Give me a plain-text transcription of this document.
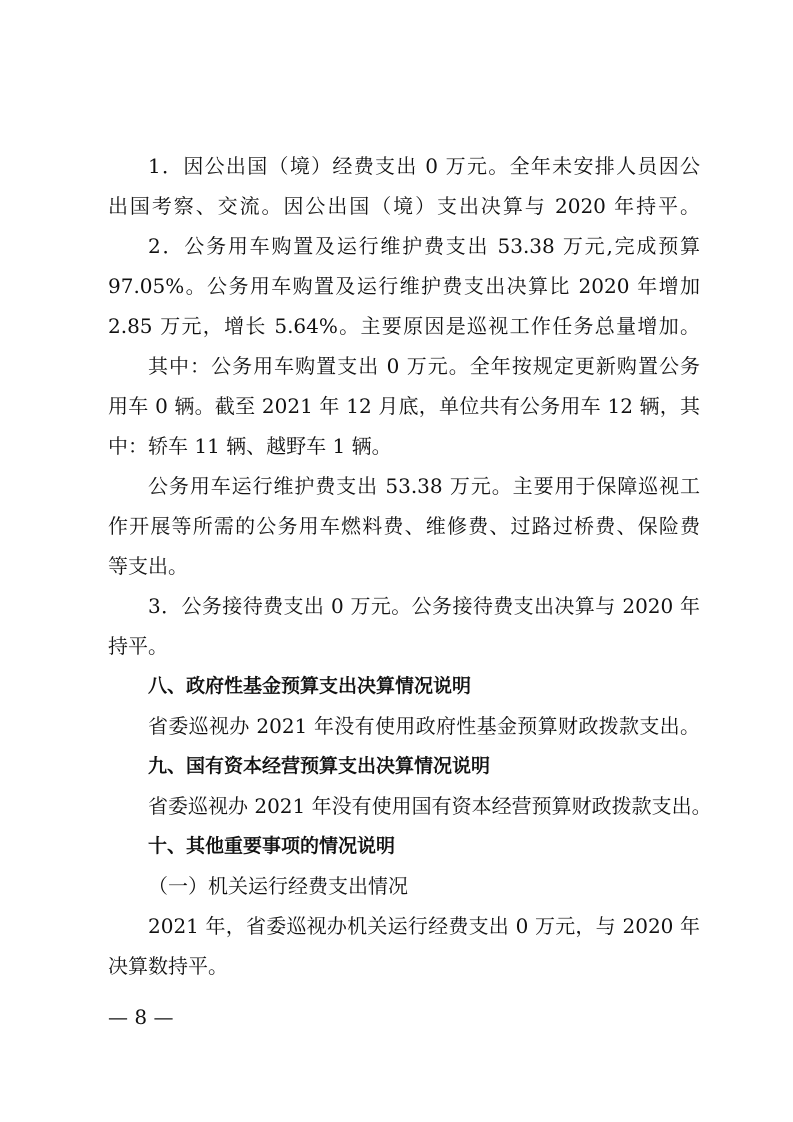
1．因公出国（境）经费支出 0 万元。全年未安排人员因公
出国考察、交流。因公出国（境）支出决算与 2020 年持平。
2．公务用车购置及运行维护费支出 53.38 万元,完成预算
97.05%。公务用车购置及运行维护费支出决算比 2020 年增加
2.85 万元，增长 5.64%。主要原因是巡视工作任务总量增加。
其中：公务用车购置支出 0 万元。全年按规定更新购置公务
用车 0 辆。截至 2021 年 12 月底，单位共有公务用车 12 辆，其
中：轿车 11 辆、越野车 1 辆。
公务用车运行维护费支出 53.38 万元。主要用于保障巡视工
作开展等所需的公务用车燃料费、维修费、过路过桥费、保险费
等支出。
3．公务接待费支出 0 万元。公务接待费支出决算与 2020 年
持平。
八、政府性基金预算支出决算情况说明
省委巡视办 2021 年没有使用政府性基金预算财政拨款支出。
九、国有资本经营预算支出决算情况说明
省委巡视办 2021 年没有使用国有资本经营预算财政拨款支出。
十、其他重要事项的情况说明
（一）机关运行经费支出情况
2021 年，省委巡视办机关运行经费支出 0 万元，与 2020 年
决算数持平。
— 8 —
